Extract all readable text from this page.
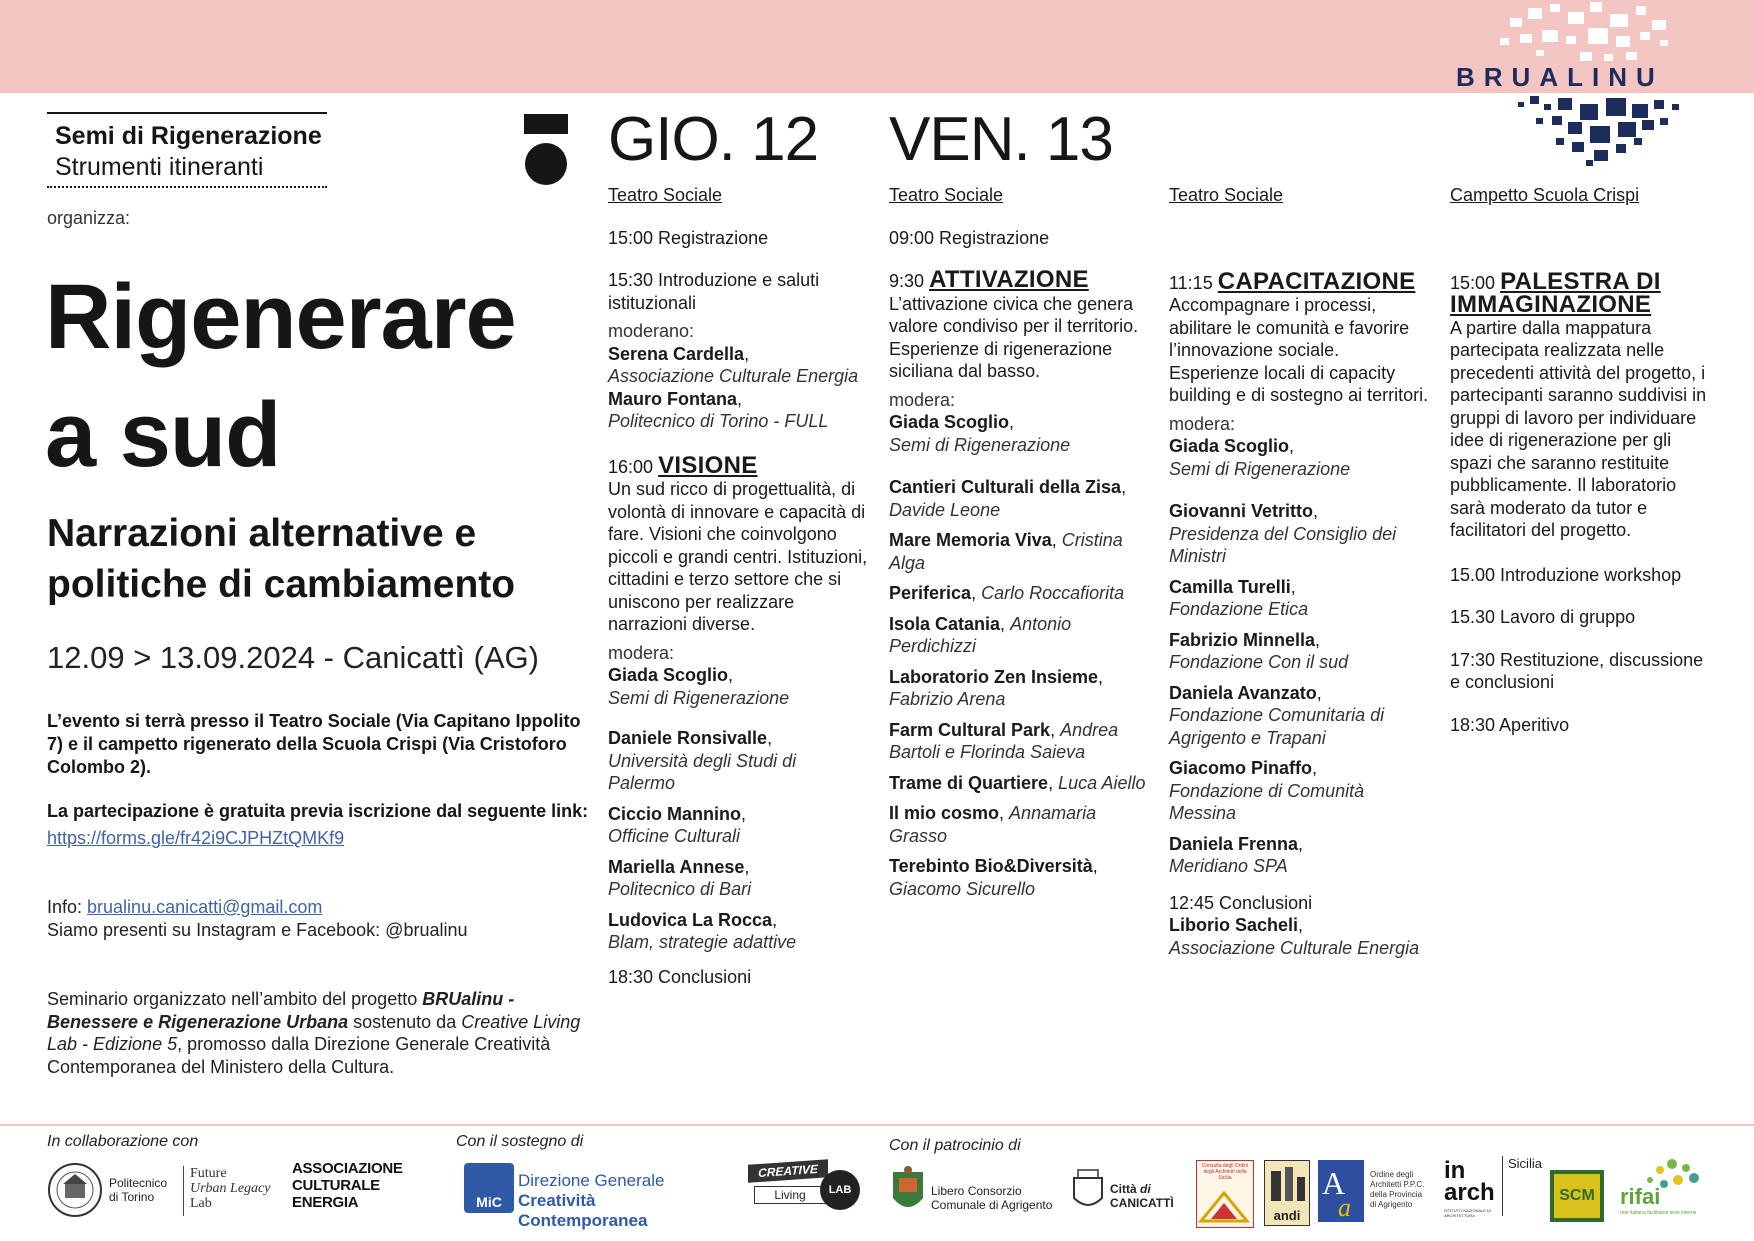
BRUALINU
Semi di Rigenerazione
Strumenti itineranti
organizza:
Rigenerare
a sud
Narrazioni alternative e
politiche di cambiamento
12.09 > 13.09.2024 - Canicattì (AG)
L’evento si terrà presso il Teatro Sociale (Via Capitano Ippolito 7) e il campetto rigenerato della Scuola Crispi (Via Cristoforo Colombo 2).
La partecipazione è gratuita previa iscrizione dal seguente link:
https://forms.gle/fr42i9CJPHZtQMKf9
Info: brualinu.canicatti@gmail.com
Siamo presenti su Instagram e Facebook: @brualinu
Seminario organizzato nell’ambito del progetto BRUalinu - Benessere e Rigenerazione Urbana sostenuto da Creative Living Lab - Edizione 5, promosso dalla Direzione Generale Creatività Contemporanea del Ministero della Cultura.
GIO. 12 VEN. 13
Teatro Sociale
15:00 Registrazione
15:30 Introduzione e saluti istituzionali
moderano:
Serena Cardella,
Associazione Culturale Energia
Mauro Fontana,
Politecnico di Torino - FULL
16:00 VISIONE
Un sud ricco di progettualità, di volontà di innovare e capacità di fare. Visioni che coinvolgono piccoli e grandi centri. Istituzioni, cittadini e terzo settore che si uniscono per realizzare narrazioni diverse.
modera:
Giada Scoglio,
Semi di Rigenerazione
Daniele Ronsivalle,
Università degli Studi di Palermo
Ciccio Mannino,
Officine Culturali
Mariella Annese,
Politecnico di Bari
Ludovica La Rocca,
Blam, strategie adattive
18:30 Conclusioni
Teatro Sociale
09:00 Registrazione
9:30 ATTIVAZIONE
L’attivazione civica che genera valore condiviso per il territorio. Esperienze di rigenerazione siciliana dal basso.
modera:
Giada Scoglio,
Semi di Rigenerazione
Cantieri Culturali della Zisa, Davide Leone
Mare Memoria Viva, Cristina Alga
Periferica, Carlo Roccafiorita
Isola Catania, Antonio Perdichizzi
Laboratorio Zen Insieme, Fabrizio Arena
Farm Cultural Park, Andrea Bartoli e Florinda Saieva
Trame di Quartiere, Luca Aiello
Il mio cosmo, Annamaria Grasso
Terebinto Bio&Diversità, Giacomo Sicurello
Teatro Sociale
11:15 CAPACITAZIONE
Accompagnare i processi, abilitare le comunità e favorire l’innovazione sociale. Esperienze locali di capacity building e di sostegno ai territori.
modera:
Giada Scoglio,
Semi di Rigenerazione
Giovanni Vetritto,
Presidenza del Consiglio dei Ministri
Camilla Turelli,
Fondazione Etica
Fabrizio Minnella,
Fondazione Con il sud
Daniela Avanzato,
Fondazione Comunitaria di Agrigento e Trapani
Giacomo Pinaffo,
Fondazione di Comunità Messina
Daniela Frenna,
Meridiano SPA
12:45 Conclusioni
Liborio Sacheli,
Associazione Culturale Energia
Campetto Scuola Crispi
15:00 PALESTRA DI
IMMAGINAZIONE
A partire dalla mappatura partecipata realizzata nelle precedenti attività del progetto, i partecipanti saranno suddivisi in gruppi di lavoro per individuare idee di rigenerazione per gli spazi che saranno restituite pubblicamente. Il laboratorio sarà moderato da tutor e facilitatori del progetto.
15.00 Introduzione workshop
15.30 Lavoro di gruppo
17:30 Restituzione, discussione e conclusioni
18:30 Aperitivo
In collaborazione con	Con il sostegno di	Con il patrocinio di
Politecnico
di Torino
Future
Urban Legacy
Lab
ASSOCIAZIONE
CULTURALE
ENERGIA	MiC
Direzione Generale
Creatività Contemporanea
CREATIVE
Living	LAB	Libero Consorzio
Comunale di Agrigento
Città di
CANICATTÌ
Consulta degli Ordini degli Architetti della Sicilia
andi
A
a
Ordine degli
Architetti P.P.C.
della Provincia
di Agrigento
in
arch
Sicilia
ISTITUTO NAZIONALE DI ARCHITETTURA
SCM rifai
rete italiana facilitatori aree interne
